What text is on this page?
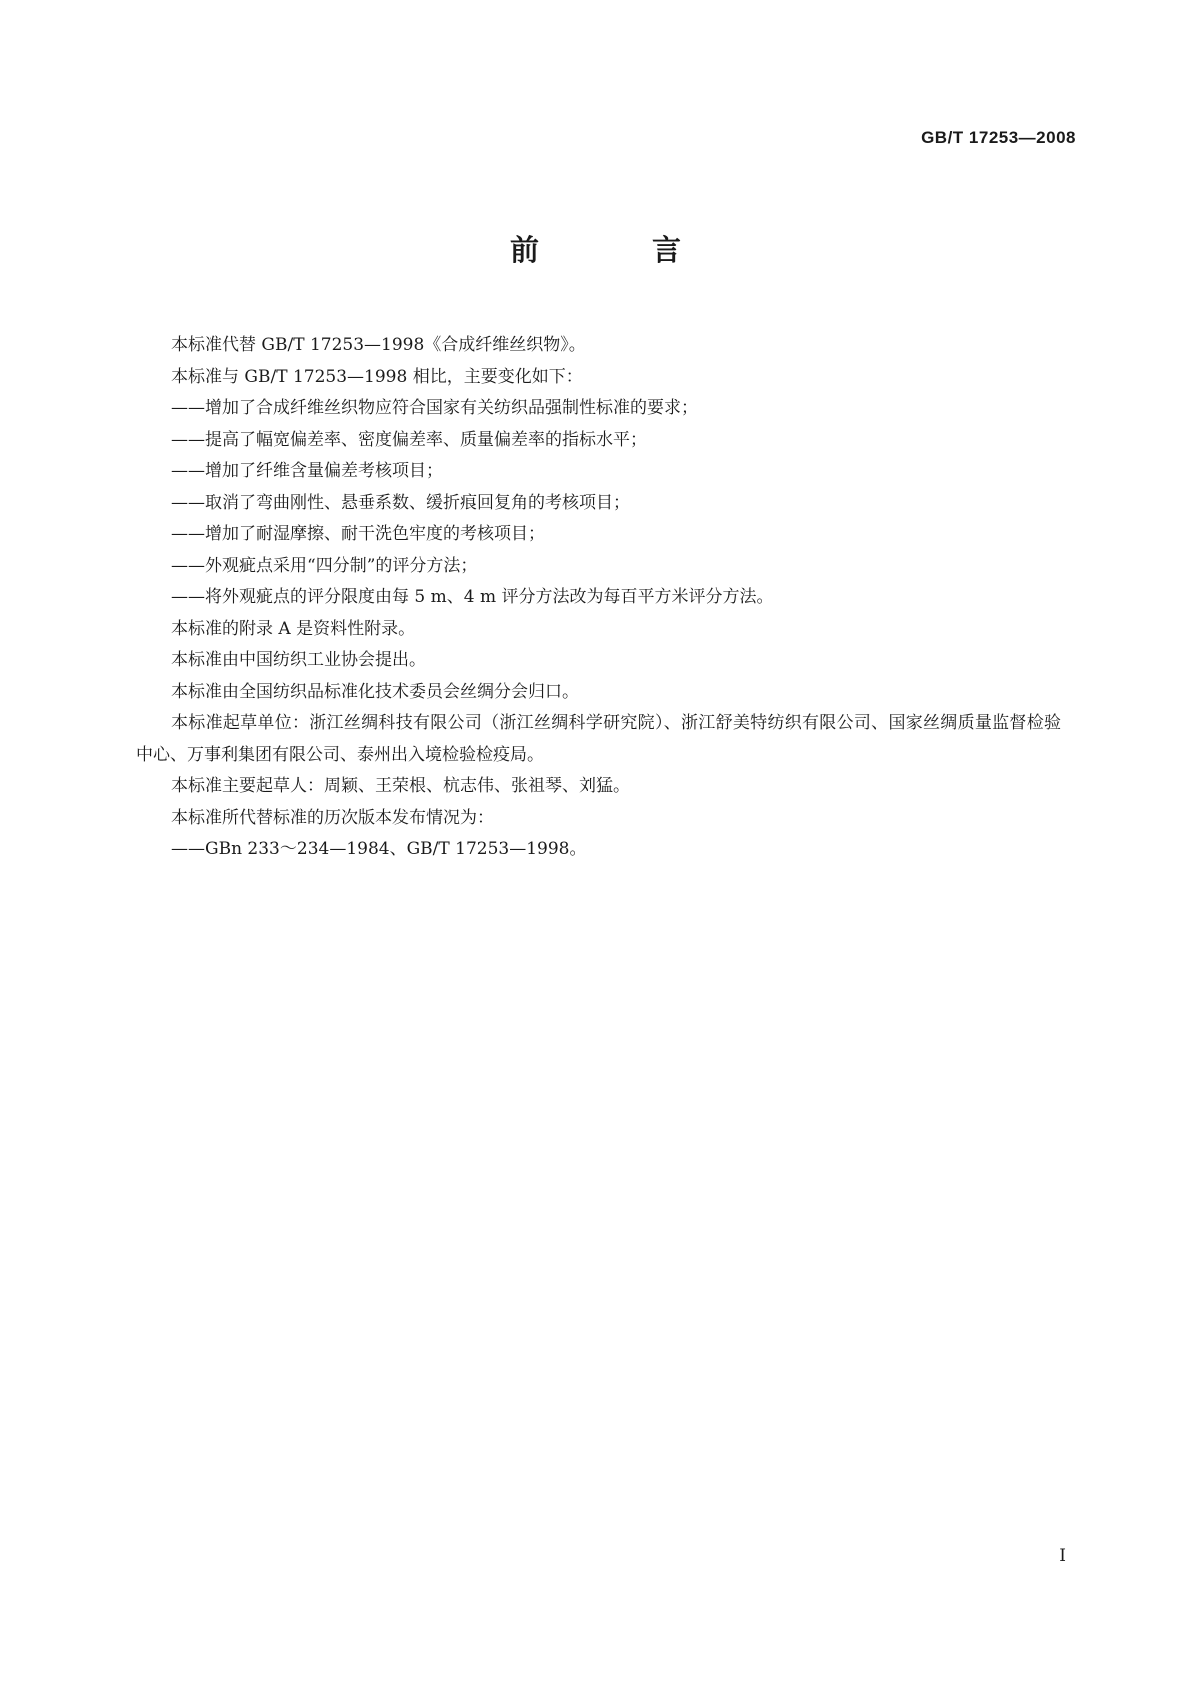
GB/T 17253—2008
前　言

本标准代替 GB/T 17253—1998《合成纤维丝织物》。

本标准与 GB/T 17253—1998 相比，主要变化如下：

——增加了合成纤维丝织物应符合国家有关纺织品强制性标准的要求；

——提高了幅宽偏差率、密度偏差率、质量偏差率的指标水平；

——增加了纤维含量偏差考核项目；

——取消了弯曲刚性、悬垂系数、缓折痕回复角的考核项目；

——增加了耐湿摩擦、耐干洗色牢度的考核项目；

——外观疵点采用“四分制”的评分方法；

——将外观疵点的评分限度由每 5 m、4 m 评分方法改为每百平方米评分方法。

本标准的附录 A 是资料性附录。

本标准由中国纺织工业协会提出。

本标准由全国纺织品标准化技术委员会丝绸分会归口。

本标准起草单位：浙江丝绸科技有限公司（浙江丝绸科学研究院）、浙江舒美特纺织有限公司、国家丝绸质量监督检验中心、万事利集团有限公司、泰州出入境检验检疫局。

本标准主要起草人：周颖、王荣根、杭志伟、张祖琴、刘猛。

本标准所代替标准的历次版本发布情况为：

——GBn 233～234—1984、GB/T 17253—1998。

I
